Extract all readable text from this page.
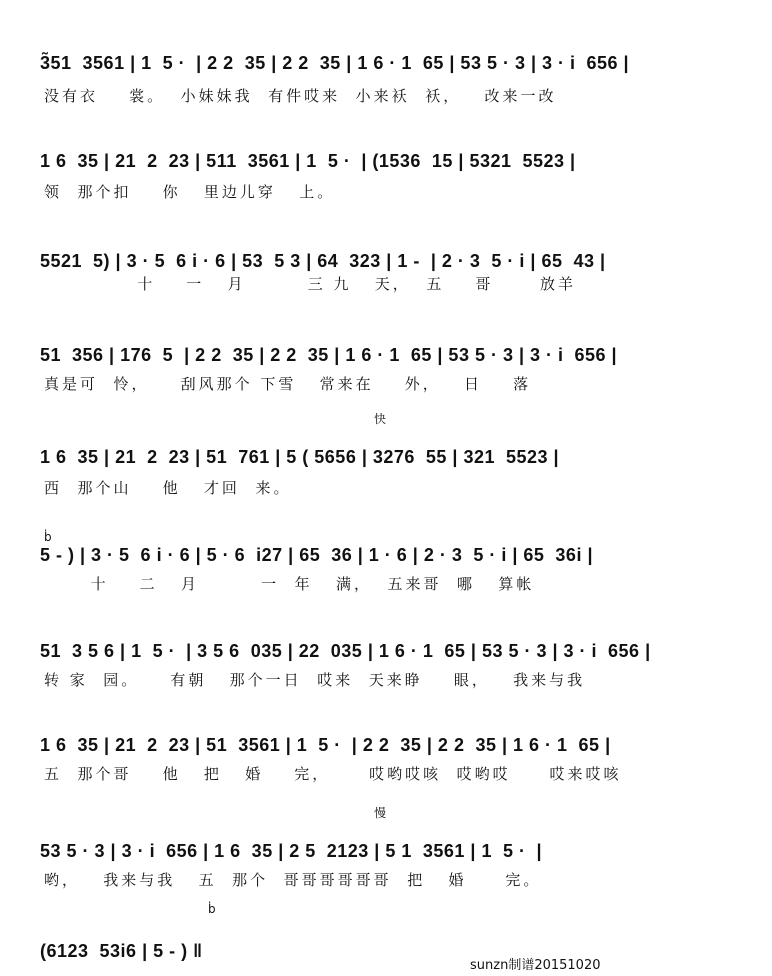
3̃51  3561 | 1  5 ·  | 2 2  35 | 2 2  35 | 1 6 · 1  65 | 53 5 · 3 | 3 · i  656 |
没有衣    裳。  小妹妹我  有件哎来  小来袄  袄，   改来一改
1 6  35 | 21  2  23 | 511  3561 | 1  5 ·  | (1536  15 | 5321  5523 |
领  那个扣    你   里边儿穿   上。
5521  5) | 3 · 5  6 i · 6 | 53  5 3 | 64  323 | 1 -  | 2 · 3  5 · i | 65  43 |
十    一   月        三 九   天，  五    哥      放羊
51  356 | 176  5  | 2 2  35 | 2 2  35 | 1 6 · 1  65 | 53 5 · 3 | 3 · i  656 |
真是可  怜，    刮风那个 下雪   常来在    外，   日    落
快
1 6  35 | 21  2  23 | 51  761 | 5 ( 5656 | 3276  55 | 321  5523 |
西  那个山    他   才回  来。
ḃ
5 - ) | 3 · 5  6 i · 6 | 5 · 6  i27 | 65  36 | 1 · 6 | 2 · 3  5 · i | 65  36i |
十    二   月        一  年   满，  五来哥  哪   算帐
51  3 5 6 | 1  5 ·  | 3 5 6  035 | 22  035 | 1 6 · 1  65 | 53 5 · 3 | 3 · i  656 |
转 家  园。    有朝   那个一日  哎来  天来睁    眼，   我来与我
1 6  35 | 21  2  23 | 51  3561 | 1  5 ·  | 2 2  35 | 2 2  35 | 1 6 · 1  65 |
五  那个哥    他   把   婚    完，     哎哟哎咳  哎哟哎     哎来哎咳
慢
53 5 · 3 | 3 · i  656 | 1 6  35 | 2 5  2123 | 5 1  3561 | 1  5 ·  |
哟，   我来与我   五  那个  哥哥哥哥哥哥  把   婚     完。
ḃ
(6123  53i6 | 5 - ) ‖
sunzn制谱20151020
